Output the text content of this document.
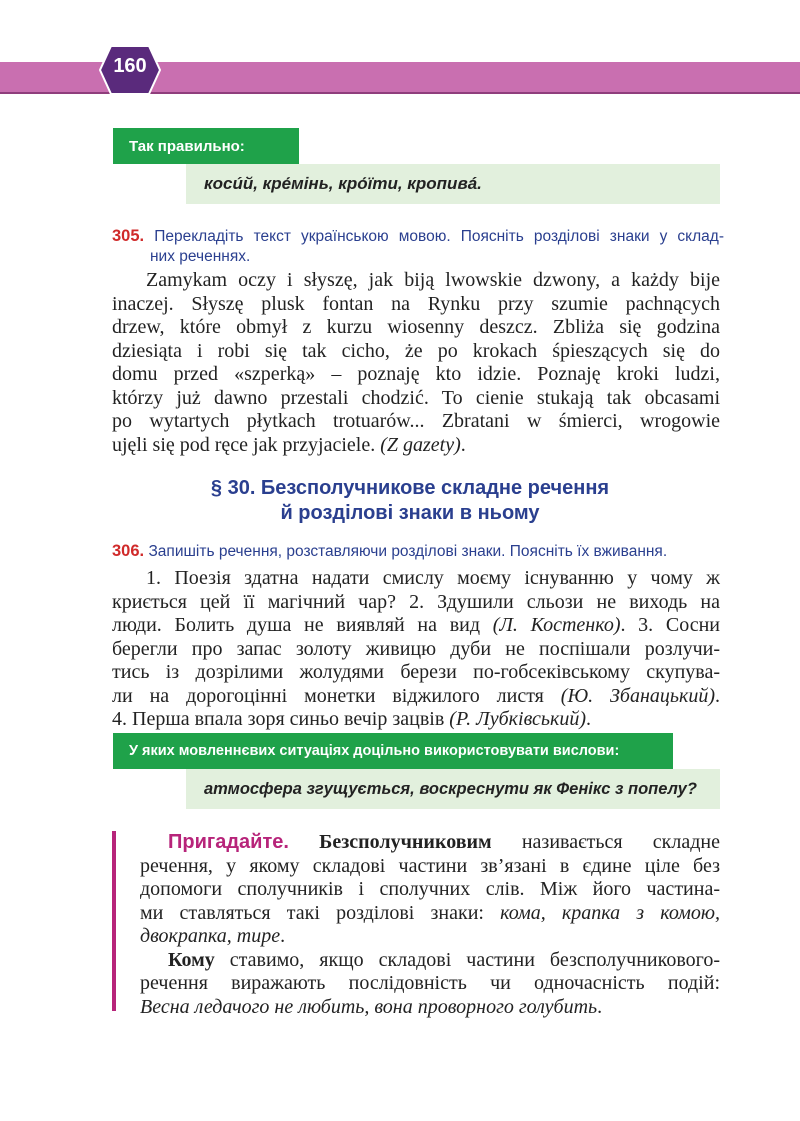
160
Так правильно:
косúй, кре́мінь, кро́їти, кропивá.
305. Перекладіть текст українською мовою. Поясніть розділові знаки у склад-
них реченнях.
Zamykam oczy i słyszę, jak biją lwowskie dzwony, a każdy bije
inaczej. Słyszę plusk fontan na Rynku przy szumie pachnących
drzew, które obmył z kurzu wiosenny deszcz. Zbliża się godzina
dziesiąta i robi się tak cicho, że po krokach śpieszących się do
domu przed «szperką» – poznaję kto idzie. Poznaję kroki ludzi,
którzy już dawno przestali chodzić. To cienie stukają tak obcasami
po wytartych płytkach trotuarów... Zbratani w śmierci, wrogowie
ujęli się pod ręce jak przyjaciele. (Z gazety).
§ 30. Безсполучникове складне речення
й розділові знаки в ньому
306. Запишіть речення, розставляючи розділові знаки. Поясніть їх вживання.
1. Поезія здатна надати смислу моєму існуванню у чому ж
криється цей її магічний чар? 2. Здушили сльози не виходь на
люди. Болить душа не виявляй на вид (Л. Костенко). 3. Сосни
берегли про запас золоту живицю дуби не поспішали розлучи-
тись із дозрілими жолудями берези по-гобсеківському скупува-
ли на дорогоцінні монетки віджилого листя (Ю. Збанацький).
4. Перша впала зоря синьо вечір зацвів (Р. Лубківський).
У яких мовленнєвих ситуаціях доцільно використовувати вислови:
атмосфера згущується, воскреснути як Фенікс з попелу?
Пригадайте. Безсполучниковим називається складне
речення, у якому складові частини зв’язані в єдине ціле без
допомоги сполучників і сполучних слів. Між його частина-
ми ставляться такі розділові знаки: кома, крапка з комою,
двокрапка, тире.
Кому ставимо, якщо складові частини безсполучникового-
речення виражають послідовність чи одночасність подій:
Весна ледачого не любить, вона проворного голубить.
